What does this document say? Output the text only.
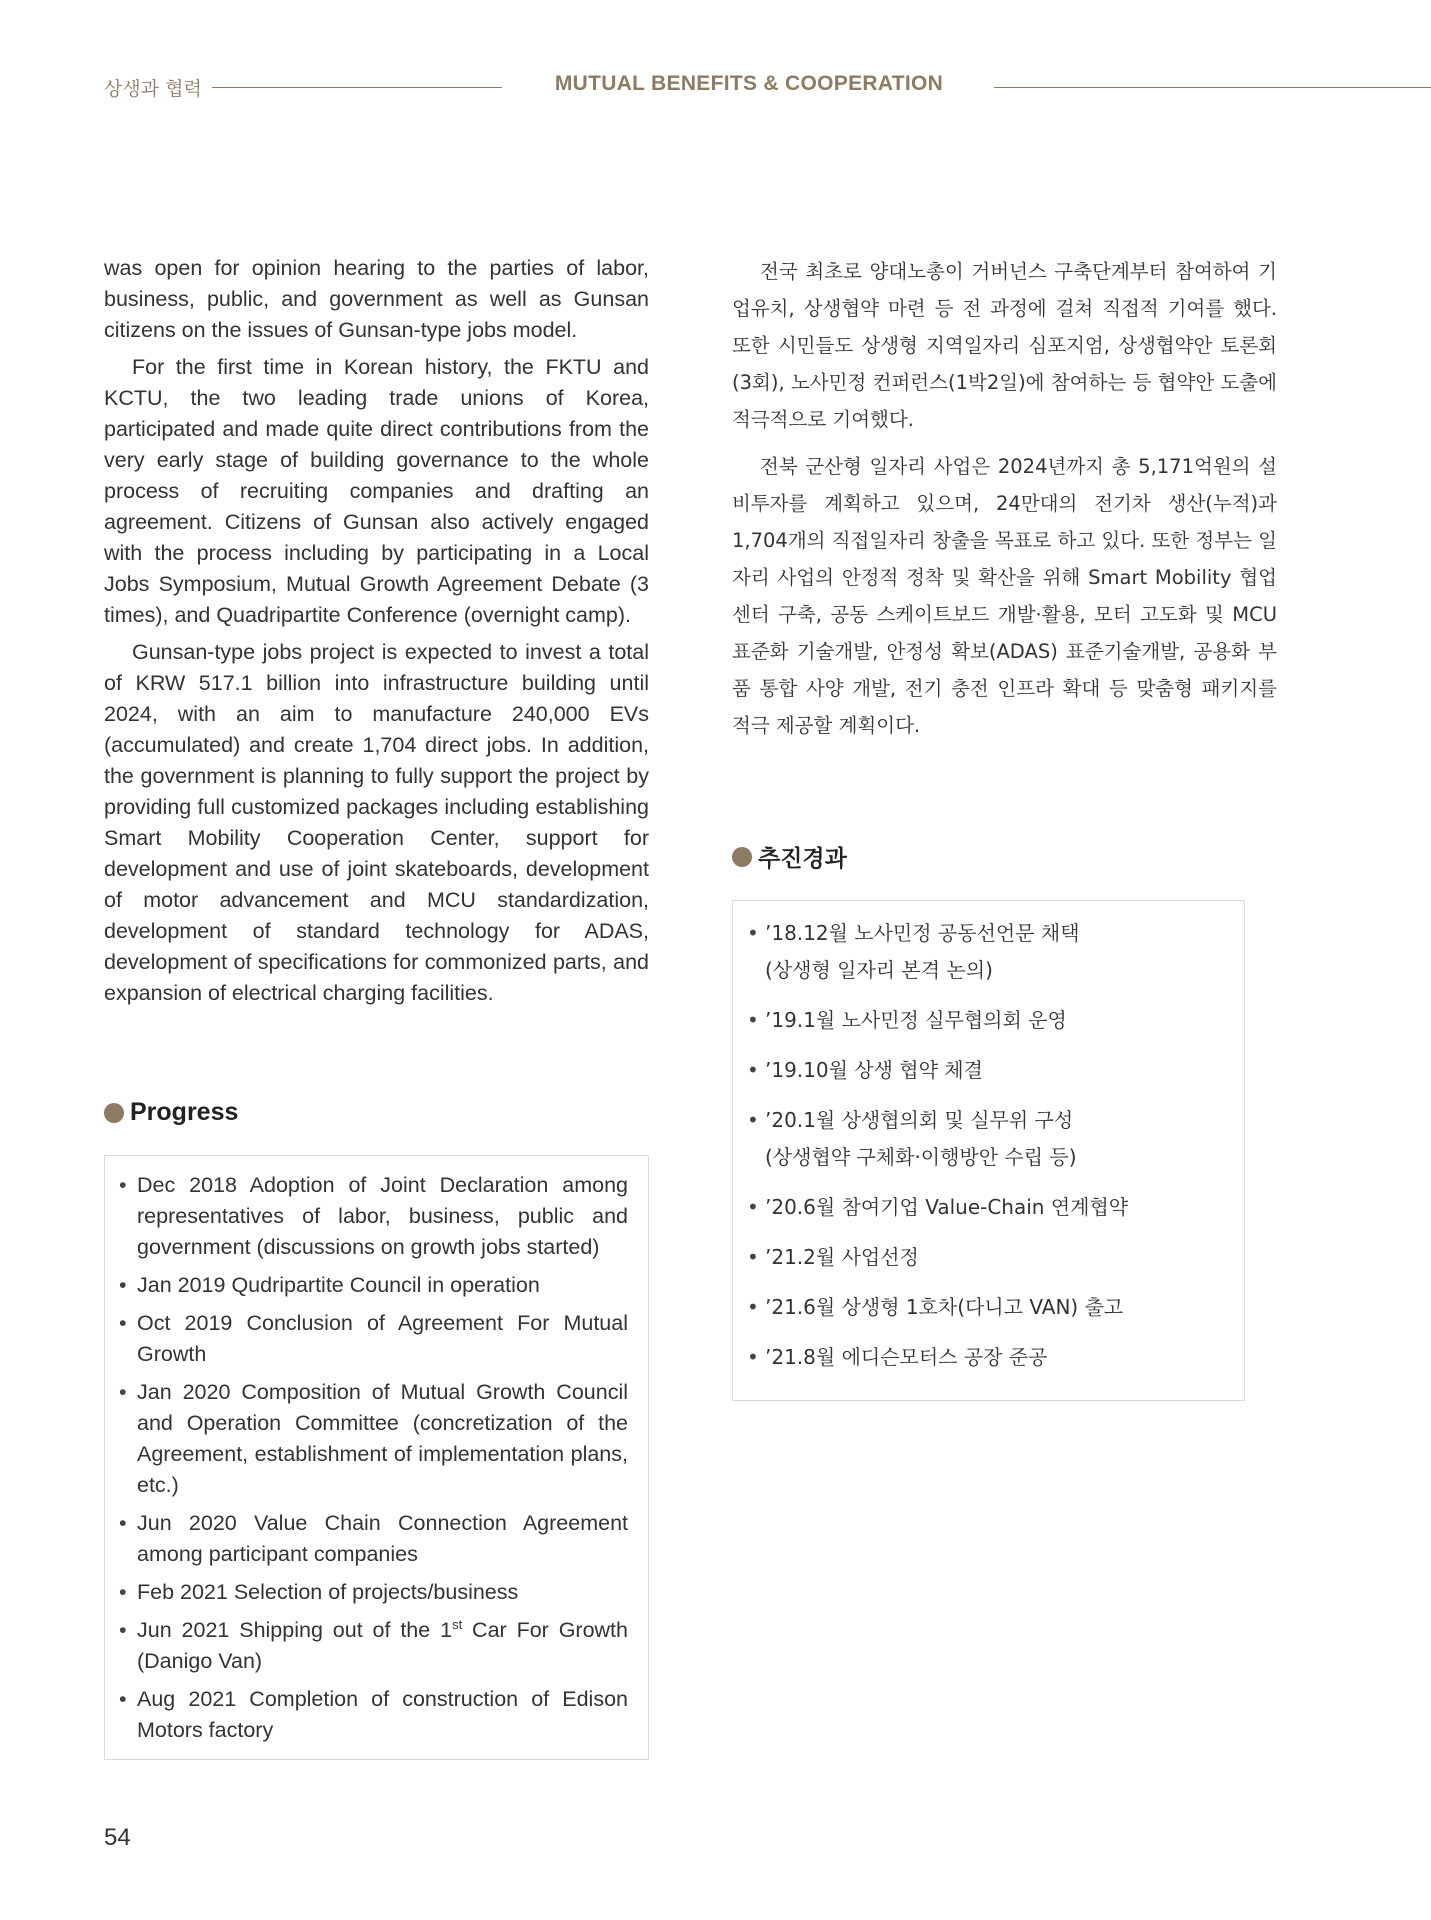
상생과 협력	MUTUAL BENEFITS & COOPERATION

was open for opinion hearing to the parties of labor, business, public, and government as well as Gunsan citizens on the issues of Gunsan-type jobs model.

For the first time in Korean history, the FKTU and KCTU, the two leading trade unions of Korea, participated and made quite direct contributions from the very early stage of building governance to the whole process of recruiting companies and drafting an agreement. Citizens of Gunsan also actively engaged with the process including by participating in a Local Jobs Symposium, Mutual Growth Agreement Debate (3 times), and Quadripartite Conference (overnight camp).

Gunsan-type jobs project is expected to invest a total of KRW 517.1 billion into infrastructure building until 2024, with an aim to manufacture 240,000 EVs (accumulated) and create 1,704 direct jobs. In addition, the government is planning to fully support the project by providing full customized packages including establishing Smart Mobility Cooperation Center, support for development and use of joint skateboards, development of motor advancement and MCU standardization, development of standard technology for ADAS, development of specifications for commonized parts, and expansion of electrical charging facilities.

Progress
• Dec 2018 Adoption of Joint Declaration among representatives of labor, business, public and government (discussions on growth jobs started)
• Jan 2019 Qudripartite Council in operation
• Oct 2019 Conclusion of Agreement For Mutual Growth
• Jan 2020 Composition of Mutual Growth Council and Operation Committee (concretization of the Agreement, establishment of implementation plans, etc.)
• Jun 2020 Value Chain Connection Agreement among participant companies
• Feb 2021 Selection of projects/business
• Jun 2021 Shipping out of the 1st Car For Growth (Danigo Van)
• Aug 2021 Completion of construction of Edison Motors factory

전국 최초로 양대노총이 거버넌스 구축단계부터 참여하여 기업유치, 상생협약 마련 등 전 과정에 걸쳐 직접적 기여를 했다. 또한 시민들도 상생형 지역일자리 심포지엄, 상생협약안 토론회(3회), 노사민정 컨퍼런스(1박2일)에 참여하는 등 협약안 도출에 적극적으로 기여했다.

전북 군산형 일자리 사업은 2024년까지 총 5,171억원의 설비투자를 계획하고 있으며, 24만대의 전기차 생산(누적)과 1,704개의 직접일자리 창출을 목표로 하고 있다. 또한 정부는 일자리 사업의 안정적 정착 및 확산을 위해 Smart Mobility 협업센터 구축, 공동 스케이트보드 개발·활용, 모터 고도화 및 MCU 표준화 기술개발, 안정성 확보(ADAS) 표준기술개발, 공용화 부품 통합 사양 개발, 전기 충전 인프라 확대 등 맞춤형 패키지를 적극 제공할 계획이다.

추진경과
• ’18.12월 노사민정 공동선언문 채택
(상생형 일자리 본격 논의)
• ’19.1월 노사민정 실무협의회 운영
• ’19.10월 상생 협약 체결
• ’20.1월 상생협의회 및 실무위 구성
(상생협약 구체화·이행방안 수립 등)
• ’20.6월 참여기업 Value-Chain 연계협약
• ’21.2월 사업선정
• ’21.6월 상생형 1호차(다니고 VAN) 출고
• ’21.8월 에디슨모터스 공장 준공
54
